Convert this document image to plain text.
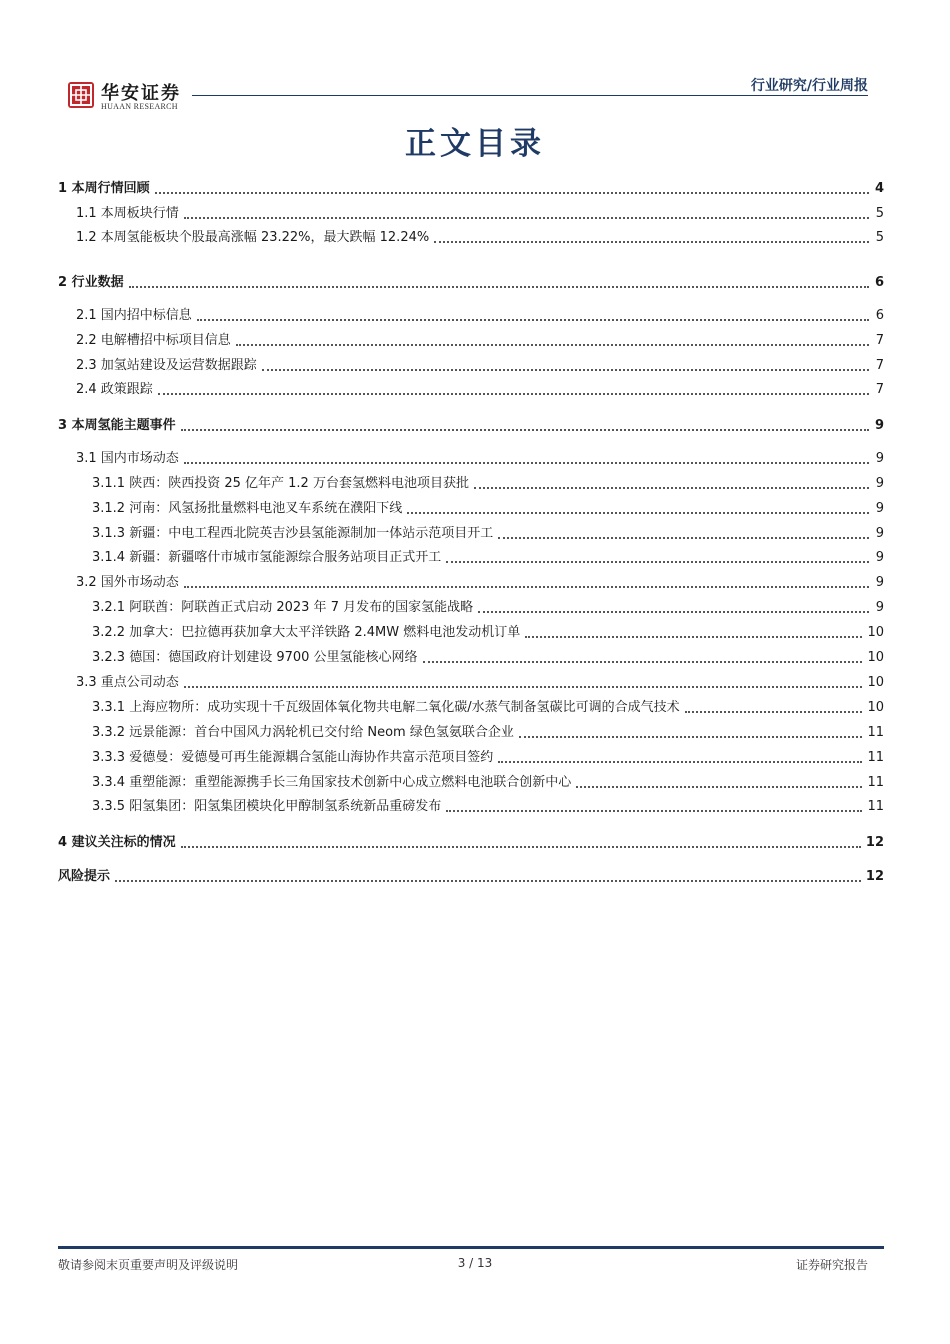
华安证券
HUAAN RESEARCH
行业研究/行业周报
正文目录
1 本周行情回顾	4
1.1 本周板块行情	5
1.2 本周氢能板块个股最高涨幅 23.22%，最大跌幅 12.24%	5
2 行业数据	6
2.1 国内招中标信息	6
2.2 电解槽招中标项目信息	7
2.3 加氢站建设及运营数据跟踪	7
2.4 政策跟踪	7
3 本周氢能主题事件	9
3.1 国内市场动态	9
3.1.1 陕西：陕西投资 25 亿年产 1.2 万台套氢燃料电池项目获批	9
3.1.2 河南：风氢扬批量燃料电池叉车系统在濮阳下线	9
3.1.3 新疆：中电工程西北院英吉沙县氢能源制加一体站示范项目开工	9
3.1.4 新疆：新疆喀什市城市氢能源综合服务站项目正式开工	9
3.2 国外市场动态	9
3.2.1 阿联酋：阿联酋正式启动 2023 年 7 月发布的国家氢能战略	9
3.2.2 加拿大：巴拉德再获加拿大太平洋铁路 2.4MW 燃料电池发动机订单	10
3.2.3 德国：德国政府计划建设 9700 公里氢能核心网络	10
3.3 重点公司动态	10
3.3.1 上海应物所：成功实现十千瓦级固体氧化物共电解二氧化碳/水蒸气制备氢碳比可调的合成气技术	10
3.3.2 远景能源：首台中国风力涡轮机已交付给 Neom 绿色氢氨联合企业	11
3.3.3 爱德曼：爱德曼可再生能源耦合氢能山海协作共富示范项目签约	11
3.3.4 重塑能源：重塑能源携手长三角国家技术创新中心成立燃料电池联合创新中心	11
3.3.5 阳氢集团：阳氢集团模块化甲醇制氢系统新品重磅发布	11
4 建议关注标的情况	12
风险提示	12
敬请参阅末页重要声明及评级说明	3 / 13	证券研究报告
